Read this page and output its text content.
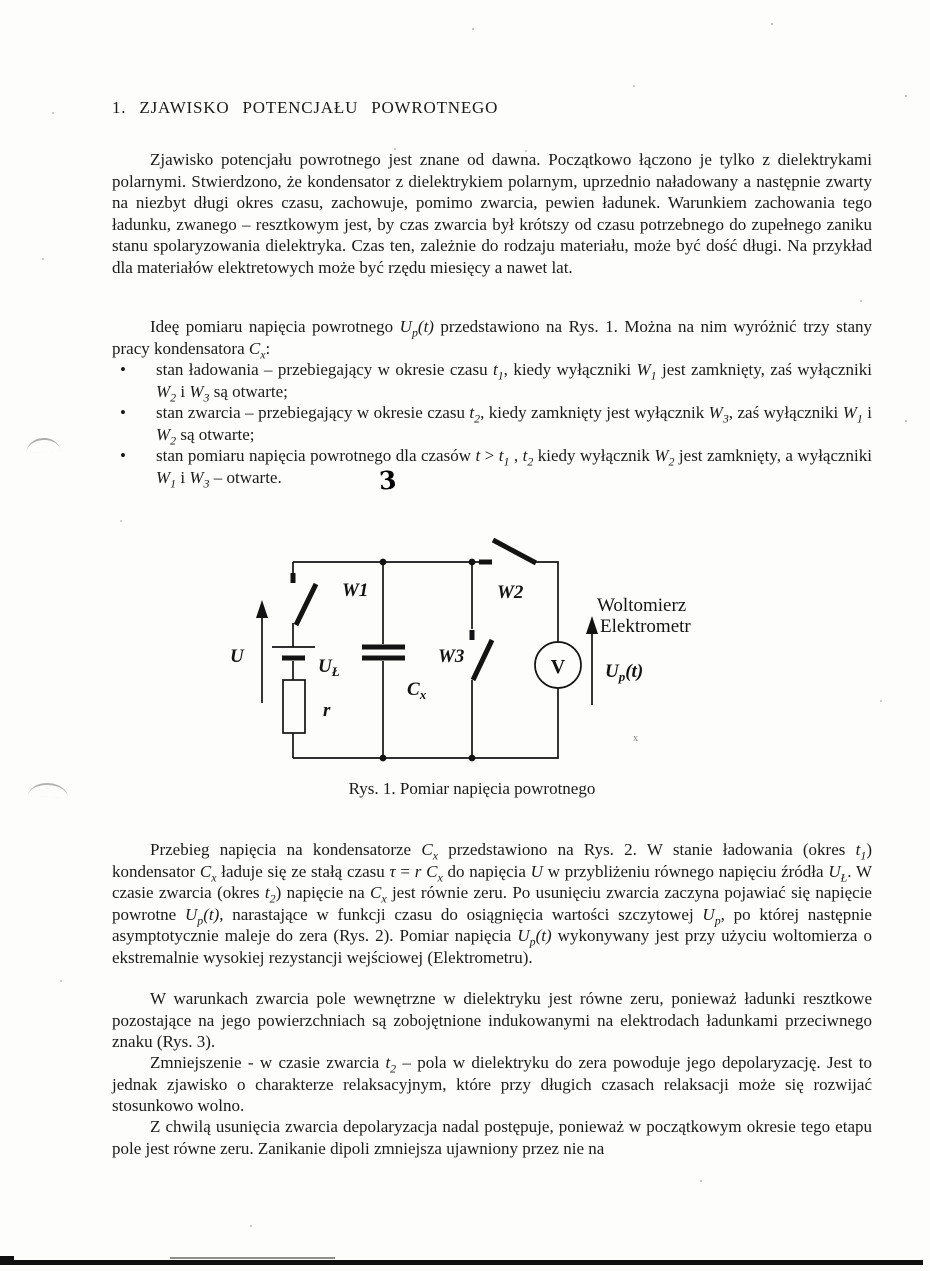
1. ZJAWISKO POTENCJAŁU POWROTNEGO

Zjawisko potencjału powrotnego jest znane od dawna. Początkowo łączono je tylko z dielektrykami polarnymi. Stwierdzono, że kondensator z dielektrykiem polarnym, uprzednio naładowany a następnie zwarty na niezbyt długi okres czasu, zachowuje, pomimo zwarcia, pewien ładunek. Warunkiem zachowania tego ładunku, zwanego – resztkowym jest, by czas zwarcia był krótszy od czasu potrzebnego do zupełnego zaniku stanu spolaryzowania dielektryka. Czas ten, zależnie do rodzaju materiału, może być dość długi. Na przykład dla materiałów elektretowych może być rzędu miesięcy a nawet lat.

Ideę pomiaru napięcia powrotnego $U_p(t)$ przedstawiono na Rys. 1. Można na nim wyróżnić trzy stany pracy kondensatora $C_x$:

• stan ładowania – przebiegający w okresie czasu $t_1$, kiedy wyłączniki $W_1$ jest zamknięty, zaś wyłączniki $W_2$ i $W_3$ są otwarte;
• stan zwarcia – przebiegający w okresie czasu $t_2$, kiedy zamknięty jest wyłącznik $W_3$, zaś wyłączniki $W_1$ i $W_2$ są otwarte;
• stan pomiaru napięcia powrotnego dla czasów $t > t_1$ , $t_2$ kiedy wyłącznik $W_2$ jest zamknięty, a wyłączniki $W_1$ i $W_3$ – otwarte.	3
W1	W2
W3
U	$U_Ł$
$C_x$
r
V
Woltomierz
Elektrometr
$U_p(t)$
x
Rys. 1. Pomiar napięcia powrotnego

Przebieg napięcia na kondensatorze $C_x$ przedstawiono na Rys. 2. W stanie ładowania (okres $t_1$) kondensator $C_x$ ładuje się ze stałą czasu τ = r $C_x$ do napięcia U w przybliżeniu równego napięciu źródła $U_Ł$. W czasie zwarcia (okres $t_2$) napięcie na $C_x$ jest równie zeru. Po usunięciu zwarcia zaczyna pojawiać się napięcie powrotne $U_p(t)$, narastające w funkcji czasu do osiągnięcia wartości szczytowej $U_p$, po której następnie asymptotycznie maleje do zera (Rys. 2). Pomiar napięcia $U_p(t)$ wykonywany jest przy użyciu woltomierza o ekstremalnie wysokiej rezystancji wejściowej (Elektrometru).

W warunkach zwarcia pole wewnętrzne w dielektryku jest równe zeru, ponieważ ładunki resztkowe pozostające na jego powierzchniach są zobojętnione indukowanymi na elektrodach ładunkami przeciwnego znaku (Rys. 3).

Zmniejszenie - w czasie zwarcia $t_2$ – pola w dielektryku do zera powoduje jego depolaryzację. Jest to jednak zjawisko o charakterze relaksacyjnym, które przy długich czasach relaksacji może się rozwijać stosunkowo wolno.

Z chwilą usunięcia zwarcia depolaryzacja nadal postępuje, ponieważ w początkowym okresie tego etapu pole jest równe zeru. Zanikanie dipoli zmniejsza ujawniony przez nie na
